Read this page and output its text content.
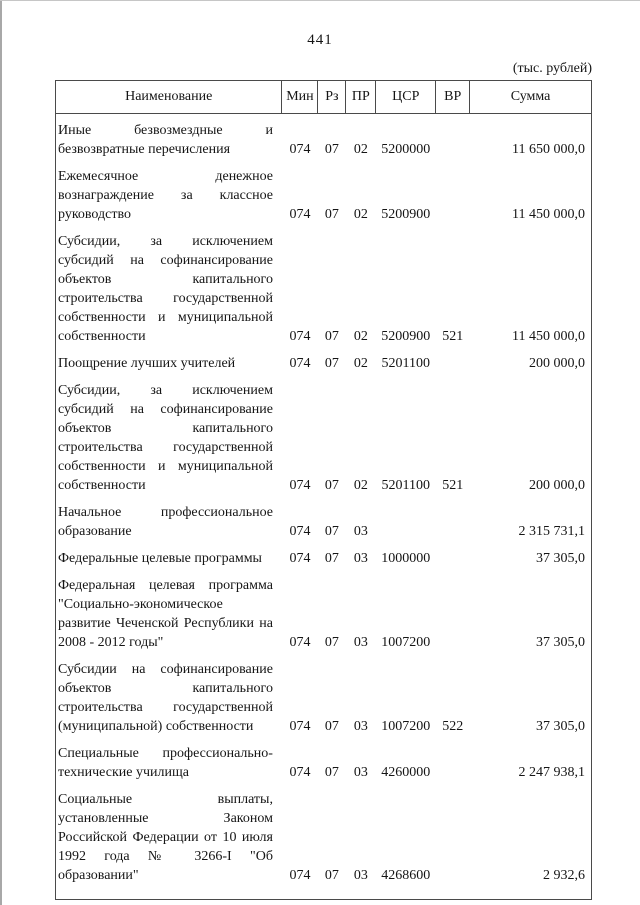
441
(тыс. рублей)
Наименование	Мин	Рз	ПР	ЦСР	ВР	Сумма
Иные безвозмездные и безвозвратные перечисления	074	07	02	5200000		11 650 000,0
Ежемесячное денежное вознаграждение за классное руководство	074	07	02	5200900		11 450 000,0
Субсидии, за исключением субсидий на софинансирование объектов капитального строительства государственной собственности и муниципальной собственности	074	07	02	5200900	521	11 450 000,0
Поощрение лучших учителей	074	07	02	5201100		200 000,0
Субсидии, за исключением субсидий на софинансирование объектов капитального строительства государственной собственности и муниципальной собственности	074	07	02	5201100	521	200 000,0
Начальное профессиональное образование	074	07	03			2 315 731,1
Федеральные целевые программы	074	07	03	1000000		37 305,0
Федеральная целевая программа "Социально-экономическое развитие Чеченской Республики на 2008 - 2012 годы"	074	07	03	1007200		37 305,0
Субсидии на софинансирование объектов капитального строительства государственной (муниципальной) собственности	074	07	03	1007200	522	37 305,0
Специальные профессионально-технические училища	074	07	03	4260000		2 247 938,1
Социальные выплаты, установленные Законом Российской Федерации от 10 июля 1992 года № 3266-I "Об образовании"	074	07	03	4268600		2 932,6
